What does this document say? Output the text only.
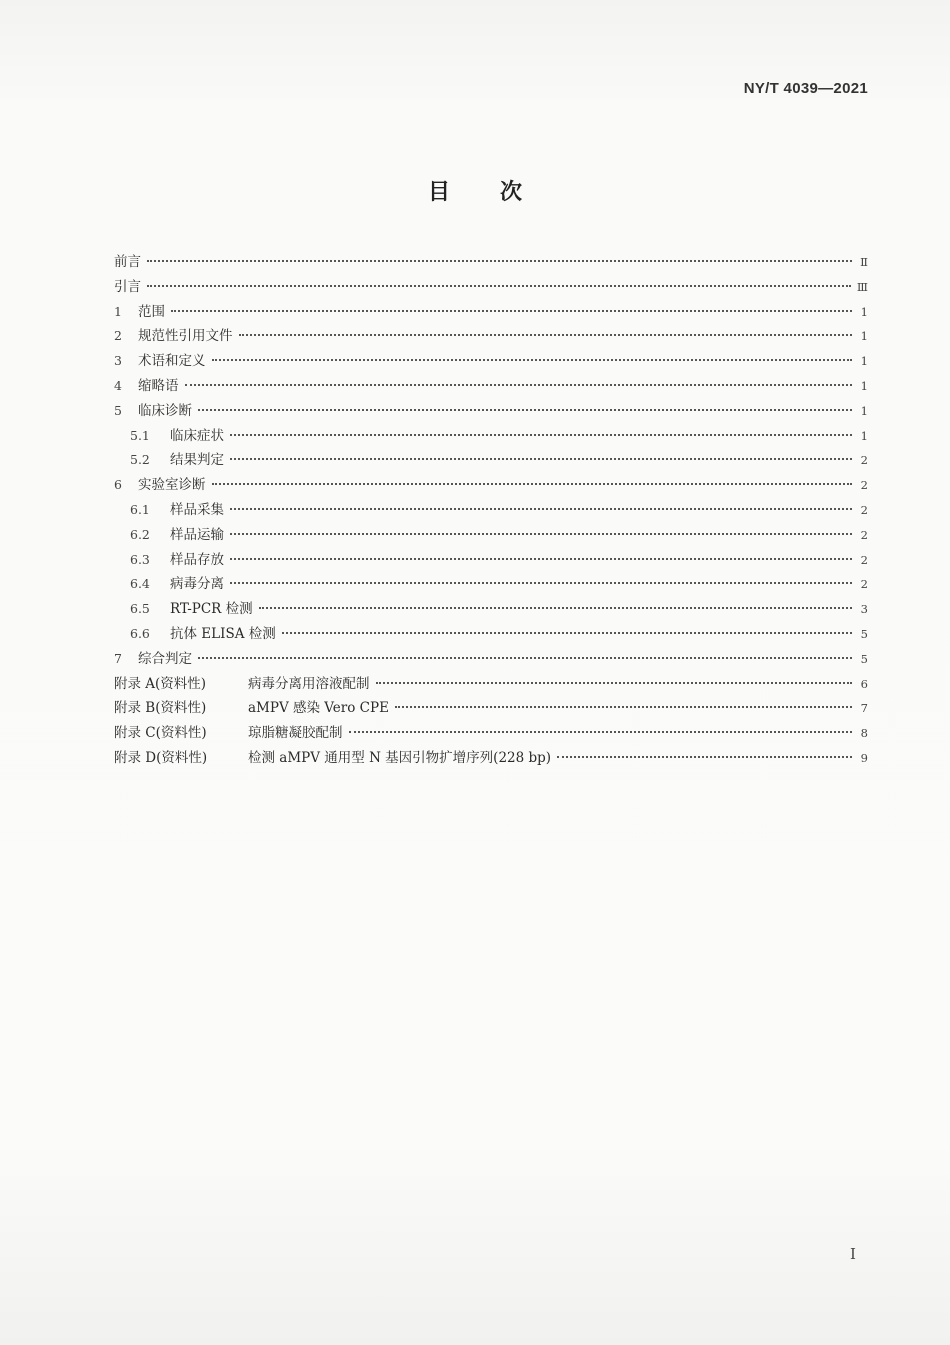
NY/T 4039—2021
目次
前言	Ⅱ
引言	Ⅲ
1	范围	1
2	规范性引用文件	1
3	术语和定义	1
4	缩略语	1
5	临床诊断	1
5.1	临床症状	1
5.2	结果判定	2
6	实验室诊断	2
6.1	样品采集	2
6.2	样品运输	2
6.3	样品存放	2
6.4	病毒分离	2
6.5	RT-PCR 检测	3
6.6	抗体 ELISA 检测	5
7	综合判定	5
附录 A(资料性)	病毒分离用溶液配制	6
附录 B(资料性)	aMPV 感染 Vero CPE	7
附录 C(资料性)	琼脂糖凝胶配制	8
附录 D(资料性)	检测 aMPV 通用型 N 基因引物扩增序列(228 bp)	9
Ⅰ
